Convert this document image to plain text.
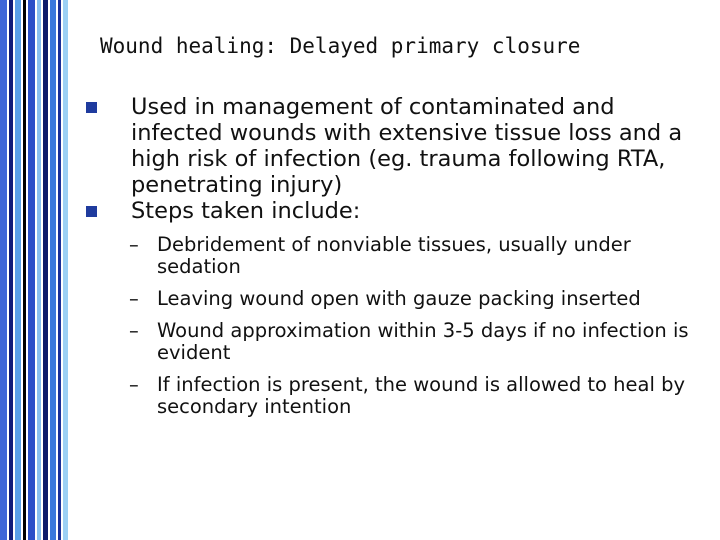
Wound healing: Delayed primary closure
Used in management of contaminated and infected wounds with extensive tissue loss and a high risk of infection (eg. trauma following RTA, penetrating injury)
Steps taken include:
– Debridement of nonviable tissues, usually under sedation
– Leaving wound open with gauze packing inserted
– Wound approximation within 3-5 days if no infection is evident
– If infection is present, the wound is allowed to heal by secondary intention
